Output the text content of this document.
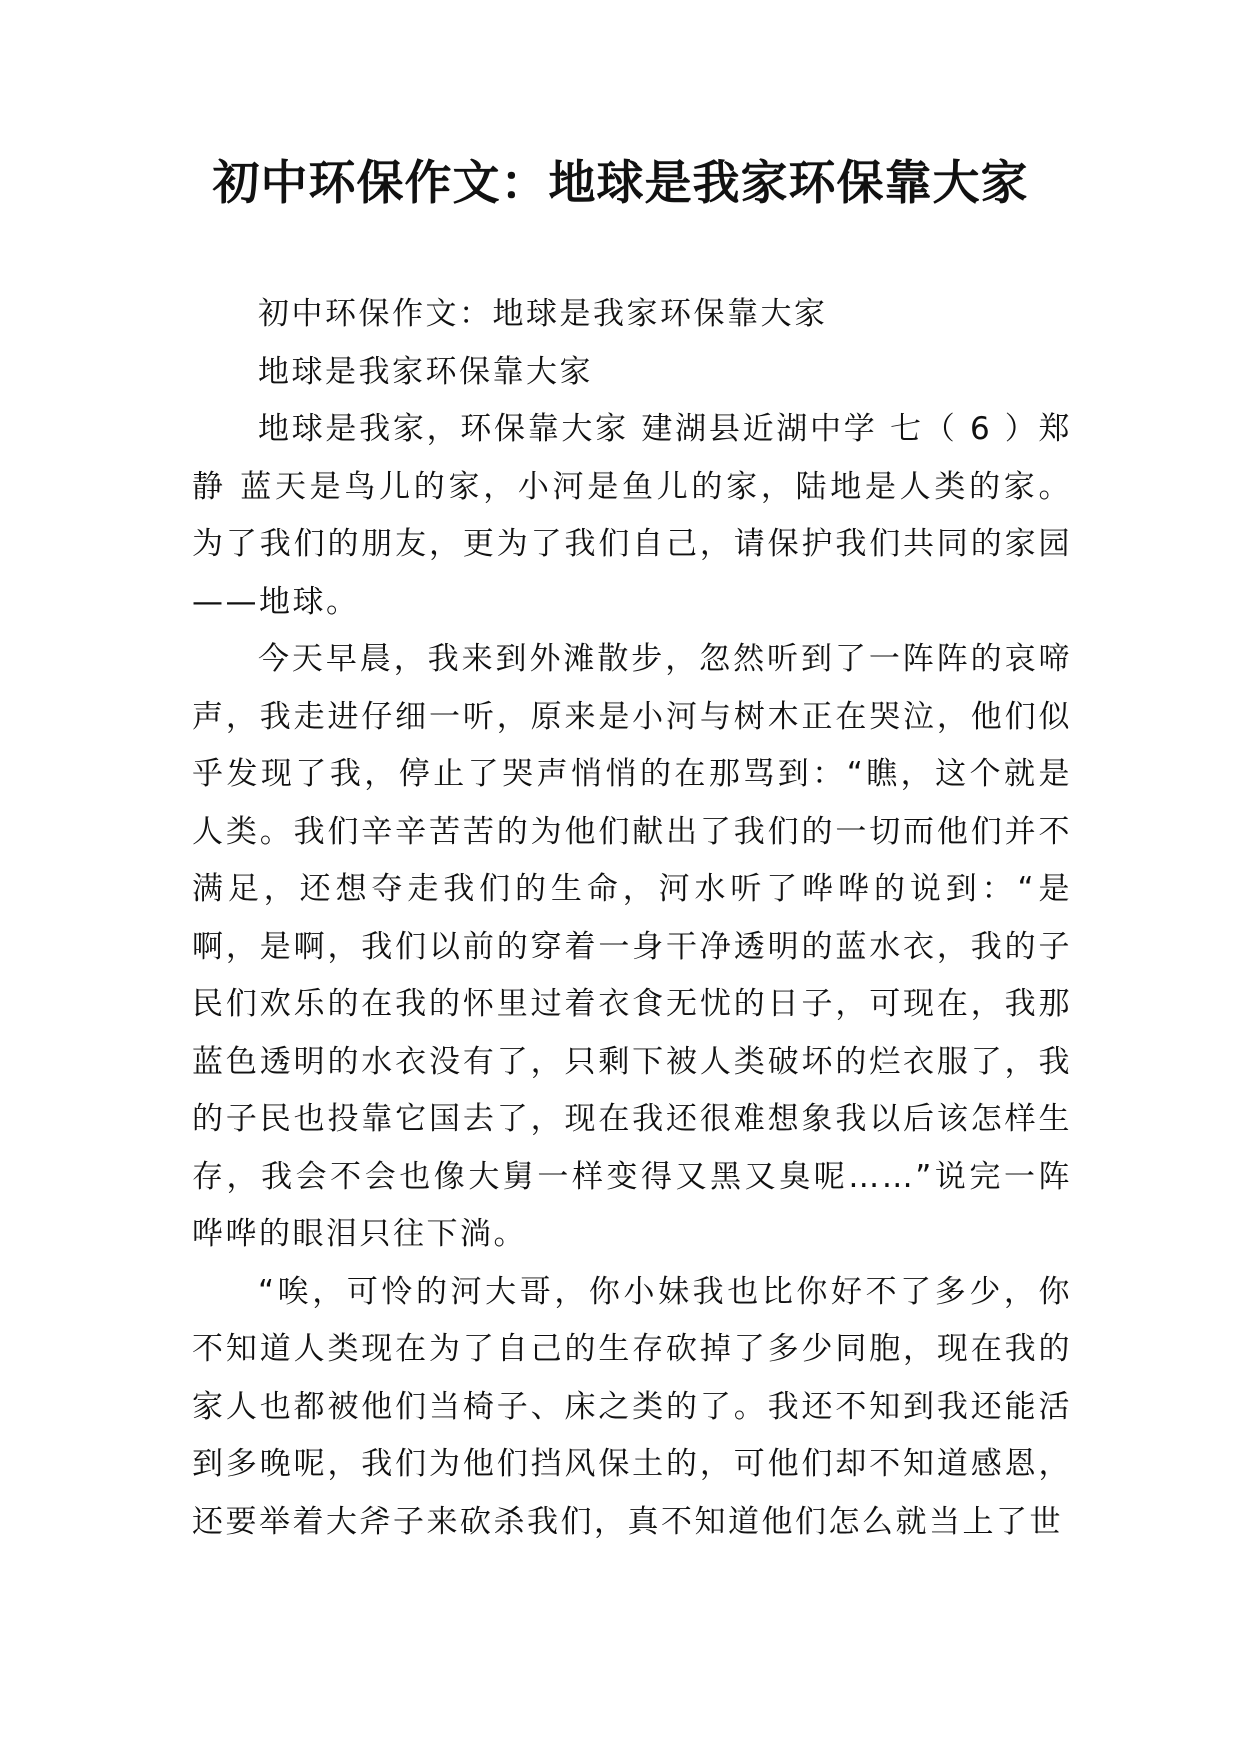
初中环保作文：地球是我家环保靠大家

初中环保作文：地球是我家环保靠大家

地球是我家环保靠大家

地球是我家，环保靠大家 建湖县近湖中学 七（ 6 ）郑静 蓝天是鸟儿的家，小河是鱼儿的家，陆地是人类的家。为了我们的朋友，更为了我们自己，请保护我们共同的家园——地球。

今天早晨，我来到外滩散步，忽然听到了一阵阵的哀啼声，我走进仔细一听，原来是小河与树木正在哭泣，他们似乎发现了我，停止了哭声悄悄的在那骂到：“瞧，这个就是人类。我们辛辛苦苦的为他们献出了我们的一切而他们并不满足，还想夺走我们的生命，河水听了哗哗的说到：“是啊，是啊，我们以前的穿着一身干净透明的蓝水衣，我的子民们欢乐的在我的怀里过着衣食无忧的日子，可现在，我那蓝色透明的水衣没有了，只剩下被人类破坏的烂衣服了，我的子民也投靠它国去了，现在我还很难想象我以后该怎样生存，我会不会也像大舅一样变得又黑又臭呢……”说完一阵哗哗的眼泪只往下淌。

“唉，可怜的河大哥，你小妹我也比你好不了多少，你不知道人类现在为了自己的生存砍掉了多少同胞，现在我的家人也都被他们当椅子、床之类的了。我还不知到我还能活到多晚呢，我们为他们挡风保土的，可他们却不知道感恩，还要举着大斧子来砍杀我们，真不知道他们怎么就当上了世
